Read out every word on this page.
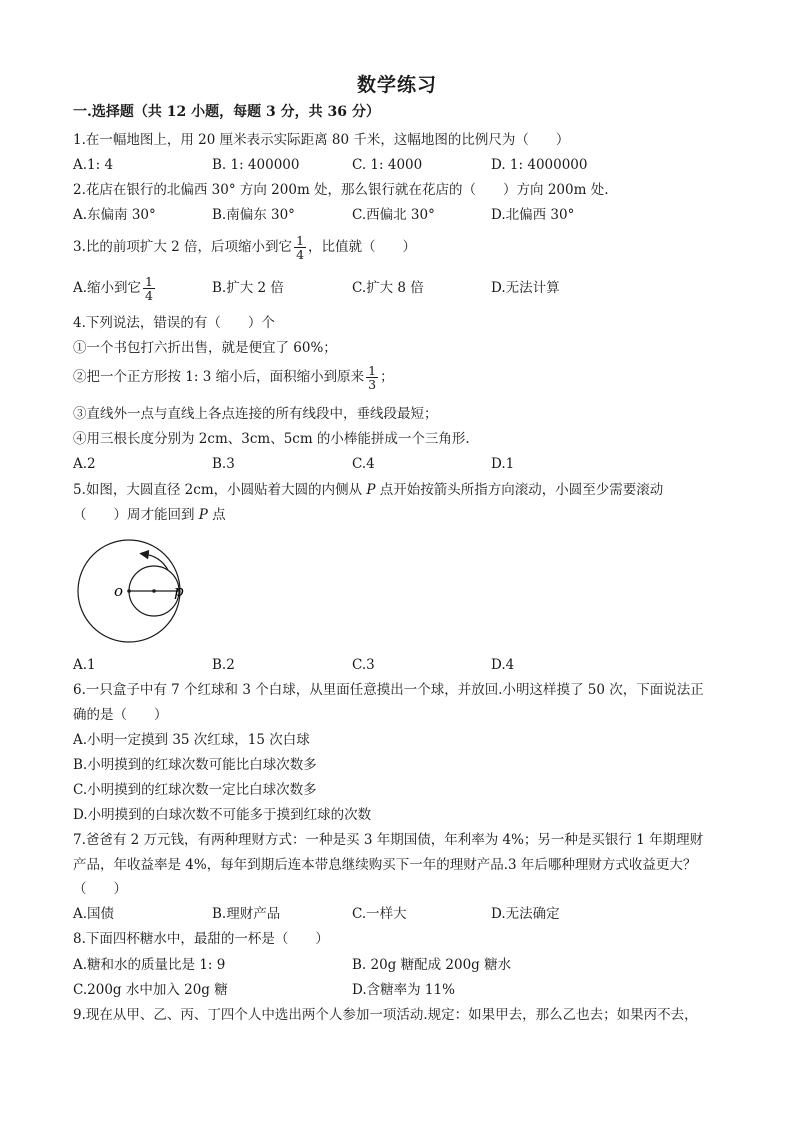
数学练习
一.选择题（共 12 小题，每题 3 分，共 36 分）
1.在一幅地图上，用 20 厘米表示实际距离 80 千米，这幅地图的比例尺为（　　）
A.1: 4	B. 1: 400000	C. 1: 4000	D. 1: 4000000
2.花店在银行的北偏西 30° 方向 200m 处，那么银行就在花店的（　　）方向 200m 处.
A.东偏南 30°	B.南偏东 30°	C.西偏北 30°	D.北偏西 30°
3.比的前项扩大 2 倍，后项缩小到它 $\frac{1}{4}$ ，比值就（　　）
A.缩小到它 $\frac{1}{4}$	B.扩大 2 倍	C.扩大 8 倍	D.无法计算
4.下列说法，错误的有（　　）个
①一个书包打六折出售，就是便宜了 60%；
②把一个正方形按 1: 3 缩小后，面积缩小到原来 $\frac{1}{3}$ ；
③直线外一点与直线上各点连接的所有线段中，垂线段最短；
④用三根长度分别为 2cm、3cm、5cm 的小棒能拼成一个三角形.
A.2	B.3	C.4	D.1
5.如图，大圆直径 2cm，小圆贴着大圆的内侧从 P 点开始按箭头所指方向滚动，小圆至少需要滚动
（　　）周才能回到 P 点
o	p
A.1	B.2	C.3	D.4
6.一只盒子中有 7 个红球和 3 个白球，从里面任意摸出一个球，并放回.小明这样摸了 50 次，下面说法正
确的是（　　）
A.小明一定摸到 35 次红球，15 次白球
B.小明摸到的红球次数可能比白球次数多
C.小明摸到的红球次数一定比白球次数多
D.小明摸到的白球次数不可能多于摸到红球的次数
7.爸爸有 2 万元钱，有两种理财方式：一种是买 3 年期国债，年利率为 4%；另一种是买银行 1 年期理财
产品，年收益率是 4%，每年到期后连本带息继续购买下一年的理财产品.3 年后哪种理财方式收益更大？
（　　）
A.国债	B.理财产品	C.一样大	D.无法确定
8.下面四杯糖水中，最甜的一杯是（　　）
A.糖和水的质量比是 1: 9	B. 20g 糖配成 200g 糖水
C.200g 水中加入 20g 糖	D.含糖率为 11%
9.现在从甲、乙、丙、丁四个人中选出两个人参加一项活动.规定：如果甲去，那么乙也去；如果丙不去，
